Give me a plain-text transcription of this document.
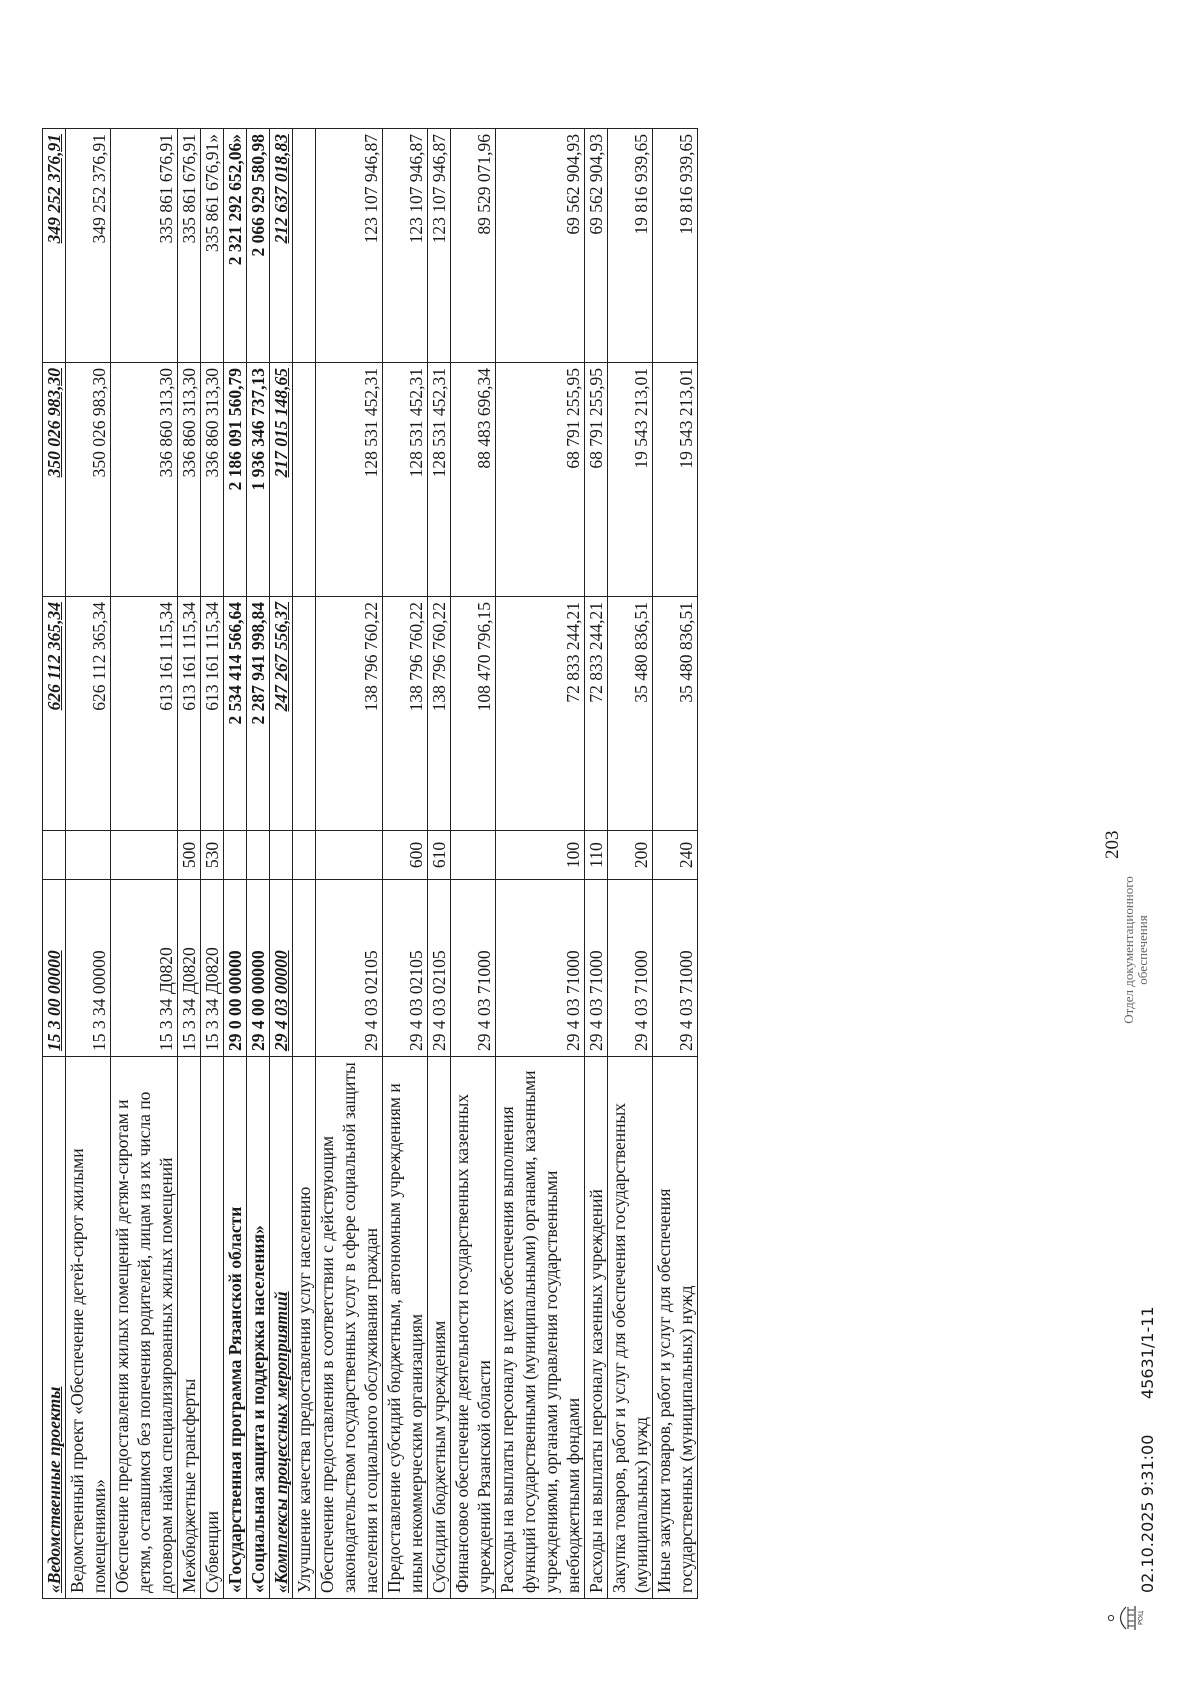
203
«Ведомственные проекты	15 3 00 00000		626 112 365,34	350 026 983,30	349 252 376,91
Ведомственный проект «Обеспечение детей-сирот жилыми помещениями»	15 3 34 00000		626 112 365,34	350 026 983,30	349 252 376,91
Обеспечение предоставления жилых помещений детям-сиротам и детям, оставшимся без попечения родителей, лицам из их числа по договорам найма специализированных жилых помещений	15 3 34 Д0820		613 161 115,34	336 860 313,30	335 861 676,91
Межбюджетные трансферты	15 3 34 Д0820	500	613 161 115,34	336 860 313,30	335 861 676,91
Субвенции	15 3 34 Д0820	530	613 161 115,34	336 860 313,30	335 861 676,91»
«Государственная программа Рязанской области	29 0 00 00000		2 534 414 566,64	2 186 091 560,79	2 321 292 652,06»
«Социальная защита и поддержка населения»	29 4 00 00000		2 287 941 998,84	1 936 346 737,13	2 066 929 580,98
«Комплексы процессных мероприятий	29 4 03 00000		247 267 556,37	217 015 148,65	212 637 018,83
Улучшение качества предоставления услуг населению					
Обеспечение предоставления в соответствии с действующим законодательством государственных услуг в сфере социальной защиты населения и социального обслуживания граждан	29 4 03 02105		138 796 760,22	128 531 452,31	123 107 946,87
Предоставление субсидий бюджетным, автономным учреждениям и иным некоммерческим организациям	29 4 03 02105	600	138 796 760,22	128 531 452,31	123 107 946,87
Субсидии бюджетным учреждениям	29 4 03 02105	610	138 796 760,22	128 531 452,31	123 107 946,87
Финансовое обеспечение деятельности государственных казенных учреждений Рязанской области	29 4 03 71000		108 470 796,15	88 483 696,34	89 529 071,96
Расходы на выплаты персоналу в целях обеспечения выполнения функций государственными (муниципальными) органами, казенными учреждениями, органами управления государственными внебюджетными фондами	29 4 03 71000	100	72 833 244,21	68 791 255,95	69 562 904,93
Расходы на выплаты персоналу казенных учреждений	29 4 03 71000	110	72 833 244,21	68 791 255,95	69 562 904,93
Закупка товаров, работ и услуг для обеспечения государственных (муниципальных) нужд	29 4 03 71000	200	35 480 836,51	19 543 213,01	19 816 939,65
Иные закупки товаров, работ и услуг для обеспечения государственных (муниципальных) нужд	29 4 03 71000	240	35 480 836,51	19 543 213,01	19 816 939,65
РОЦ
02.10.2025 9:31:00
45631/1-11
Отдел документационного обеспечения
